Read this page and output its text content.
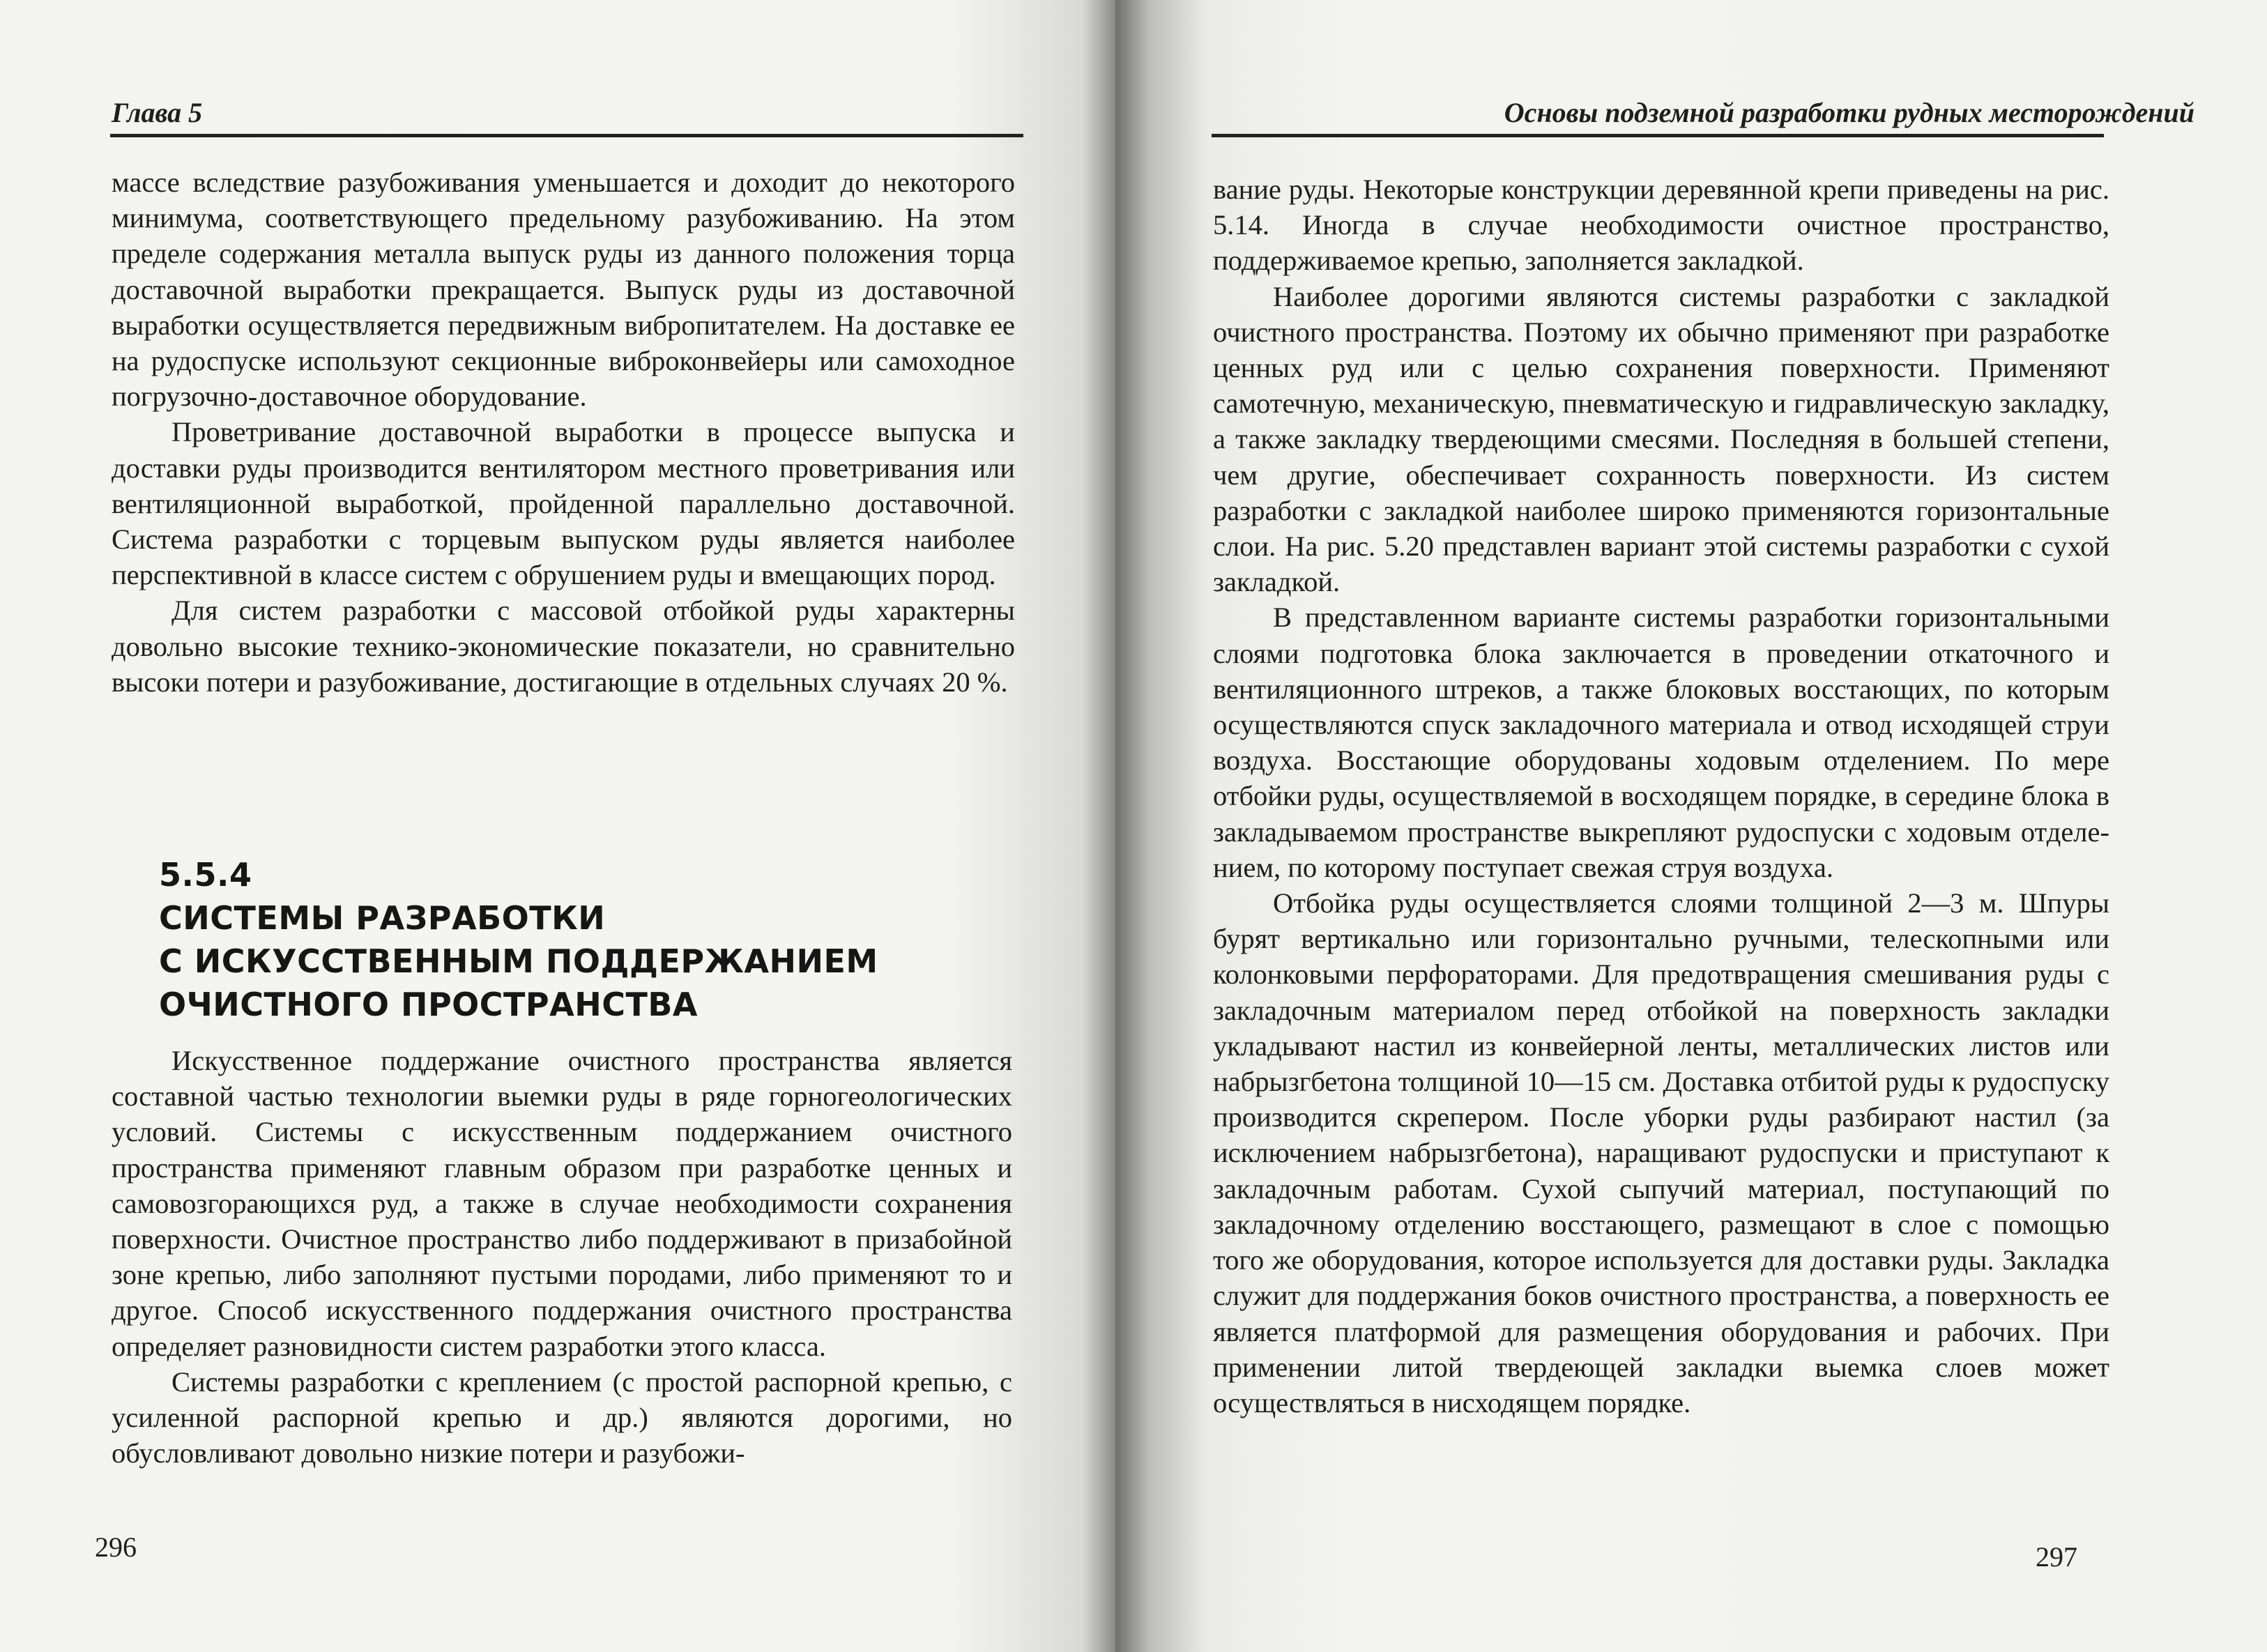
Глава 5

массе вследствие разубоживания уменьшается и доходит до некоторого минимума, соответствующего предельному разубоживанию. На этом пределе содержания металла выпуск руды из данного положения торца доставочной выработки прекращается. Выпуск руды из доставочной выработки осуществляется передвижным вибропитателем. На доставке ее на рудоспуске используют секционные виброконвейеры или самоходное погрузочно-доставочное оборудование.

Проветривание доставочной выработки в процессе выпуска и доставки руды производится вентилятором местного проветривания или вентиляционной выработкой, пройденной параллельно доставочной. Система разработки с торцевым выпуском руды является наиболее перспективной в классе систем с обрушением руды и вмещающих пород.

Для систем разработки с массовой отбойкой руды характерны довольно высокие технико-экономические показатели, но сравнительно высоки потери и разубоживание, достигающие в отдельных случаях 20 %.

5.5.4
СИСТЕМЫ РАЗРАБОТКИ
С ИСКУССТВЕННЫМ ПОДДЕРЖАНИЕМ
ОЧИСТНОГО ПРОСТРАНСТВА

Искусственное поддержание очистного пространства является составной частью технологии выемки руды в ряде горногеологических условий. Системы с искусственным поддержанием очистного пространства применяют главным образом при разработке ценных и самовозгорающихся руд, а также в случае необходимости сохранения поверхности. Очистное пространство либо поддерживают в призабойной зоне крепью, либо заполняют пустыми породами, либо применяют то и другое. Способ искусственного поддержания очистного пространства определяет разновидности систем разработки этого класса.

Системы разработки с креплением (с простой распорной крепью, с усиленной распорной крепью и др.) являются дорогими, но обусловливают довольно низкие потери и разубожи-

296
Основы подземной разработки рудных месторождений

вание руды. Некоторые конструкции деревянной крепи приведены на рис. 5.14. Иногда в случае необходимости очистное пространство, поддерживаемое крепью, заполняется закладкой.

Наиболее дорогими являются системы разработки с закладкой очистного пространства. Поэтому их обычно применяют при разработке ценных руд или с целью сохранения поверхности. Применяют самотечную, механическую, пневматическую и гидравлическую закладку, а также закладку твердеющими смесями. Последняя в большей степени, чем другие, обеспечивает сохранность поверхности. Из систем разработки с закладкой наиболее широко применяются горизонтальные слои. На рис. 5.20 представлен вариант этой системы разработки с сухой закладкой.

В представленном варианте системы разработки горизонтальными слоями подготовка блока заключается в проведении откаточного и вентиляционного штреков, а также блоковых восстающих, по которым осуществляются спуск закладочного материала и отвод исходящей струи воздуха. Восстающие оборудованы ходовым отделением. По мере отбойки руды, осуществляемой в восходящем порядке, в середине блока в закладываемом пространстве выкрепляют рудоспуски с ходовым отделением, по которому поступает свежая струя воздуха.

Отбойка руды осуществляется слоями толщиной 2—3 м. Шпуры бурят вертикально или горизонтально ручными, телескопными или колонковыми перфораторами. Для предотвращения смешивания руды с закладочным материалом перед отбойкой на поверхность закладки укладывают настил из конвейерной ленты, металлических листов или набрызгбетона толщиной 10—15 см. Доставка отбитой руды к рудоспуску производится скрепером. После уборки руды разбирают настил (за исключением набрызгбетона), наращивают рудоспуски и приступают к закладочным работам. Сухой сыпучий материал, поступающий по закладочному отделению восстающего, размещают в слое с помощью того же оборудования, которое используется для доставки руды. Закладка служит для поддержания боков очистного пространства, а поверхность ее является платформой для размещения оборудования и рабочих. При применении литой твердеющей закладки выемка слоев может осуществляться в нисходящем порядке.

297
